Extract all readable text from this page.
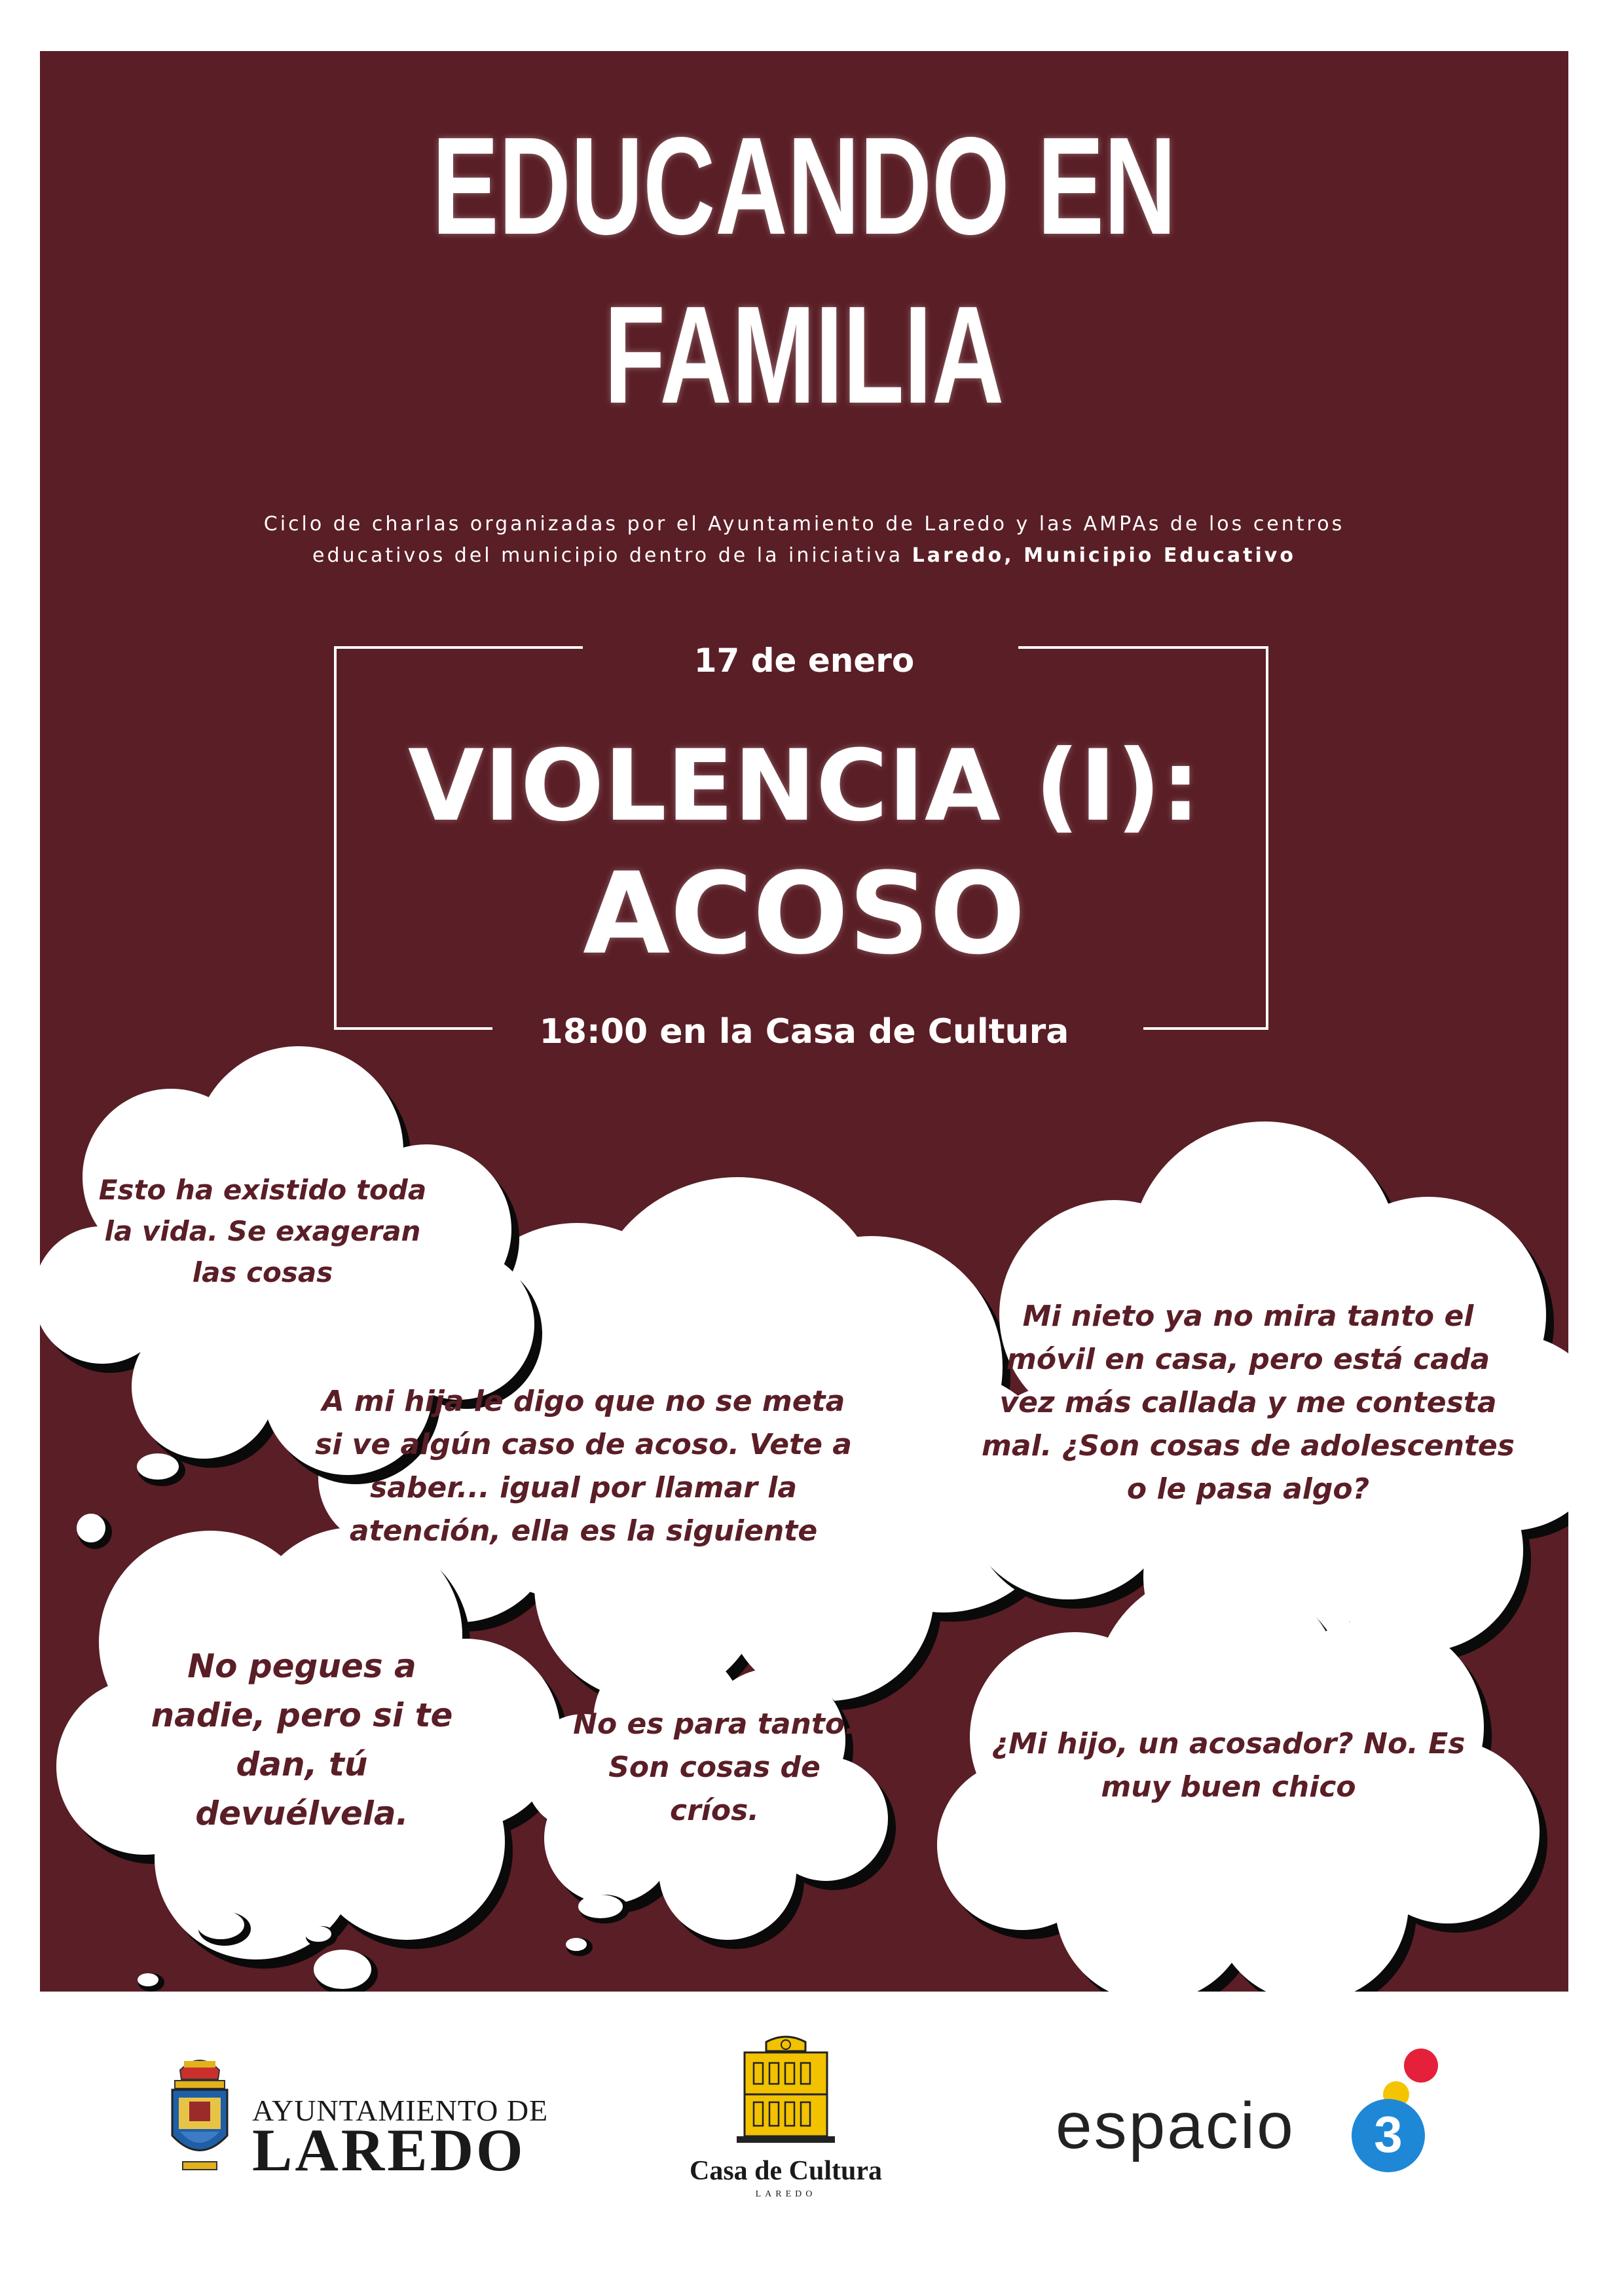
EDUCANDO EN
FAMILIA
Ciclo de charlas organizadas por el Ayuntamiento de Laredo y las AMPAs de los centros
educativos del municipio dentro de la iniciativa Laredo, Municipio Educativo
17 de enero
VIOLENCIA (I):
ACOSO
18:00 en la Casa de Cultura
Esto ha existido toda la vida. Se exageran las cosas
A mi hija le digo que no se meta si ve algún caso de acoso. Vete a saber... igual por llamar la atención, ella es la siguiente
Mi nieto ya no mira tanto el móvil en casa, pero está cada vez más callada y me contesta mal. ¿Son cosas de adolescentes o le pasa algo?
No pegues a nadie, pero si te dan, tú devuélvela.
No es para tanto. Son cosas de críos.
¿Mi hijo, un acosador? No. Es muy buen chico
AYUNTAMIENTO DE
LAREDO	Casa de Cultura
LAREDO
espacio 3
